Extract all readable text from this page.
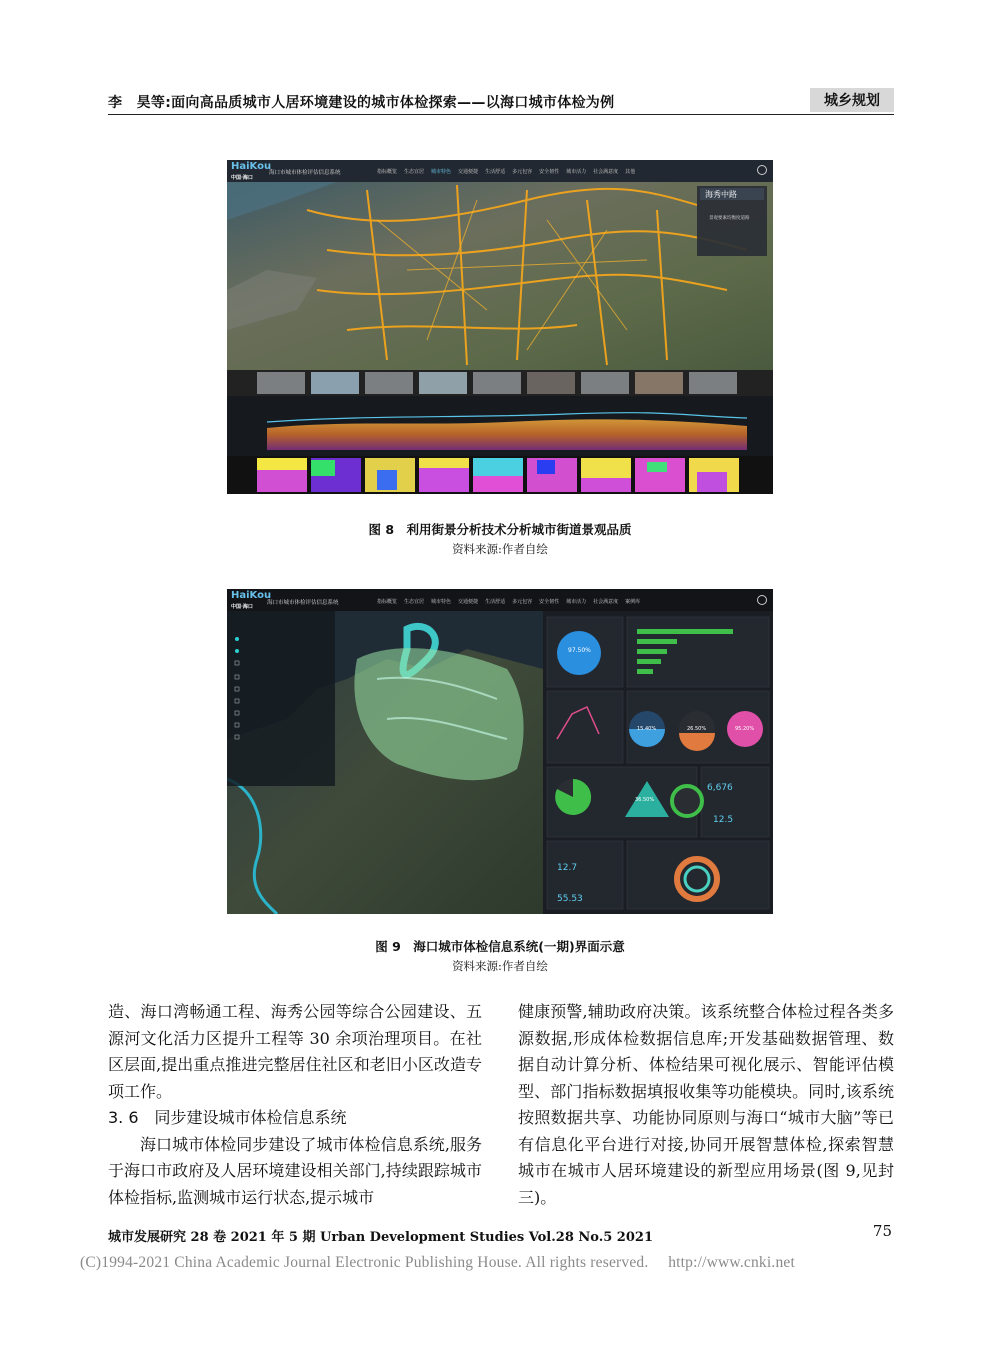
李　昊等:面向高品质城市人居环境建设的城市体检探索——以海口城市体检为例	城乡规划
HaiKou
中国·海口
海口市城市体检评估信息系统	指标概览 生态宜居 城市特色 交通便捷 生活舒适 多元包容 安全韧性 城市活力 社会满意度 其他
海秀中路
景观要素均衡度道路
图 8　利用街景分析技术分析城市街道景观品质
资料来源:作者自绘
HaiKou
中国·海口
海口市城市体检评估信息系统	指标概览 生态宜居 城市特色 交通便捷 生活舒适 多元包容 安全韧性 城市活力 社会满意度 案例库
97.50%
15.40%	26.50%	95.20%
36.50%
6,676
12.5
12.7
55.53
图 9　海口城市体检信息系统(一期)界面示意
资料来源:作者自绘

造、海口湾畅通工程、海秀公园等综合公园建设、五源河文化活力区提升工程等 30 余项治理项目。在社区层面,提出重点推进完整居住社区和老旧小区改造专项工作。

3. 6　同步建设城市体检信息系统

海口城市体检同步建设了城市体检信息系统,服务于海口市政府及人居环境建设相关部门,持续跟踪城市体检指标,监测城市运行状态,提示城市

健康预警,辅助政府决策。该系统整合体检过程各类多源数据,形成体检数据信息库;开发基础数据管理、数据自动计算分析、体检结果可视化展示、智能评估模型、部门指标数据填报收集等功能模块。同时,该系统按照数据共享、功能协同原则与海口“城市大脑”等已有信息化平台进行对接,协同开展智慧体检,探索智慧城市在城市人居环境建设的新型应用场景(图 9,见封三)。

城市发展研究 28 卷 2021 年 5 期 Urban Development Studies Vol.28 No.5 2021	75
(C)1994-2021 China Academic Journal Electronic Publishing House. All rights reserved.　 http://www.cnki.net
